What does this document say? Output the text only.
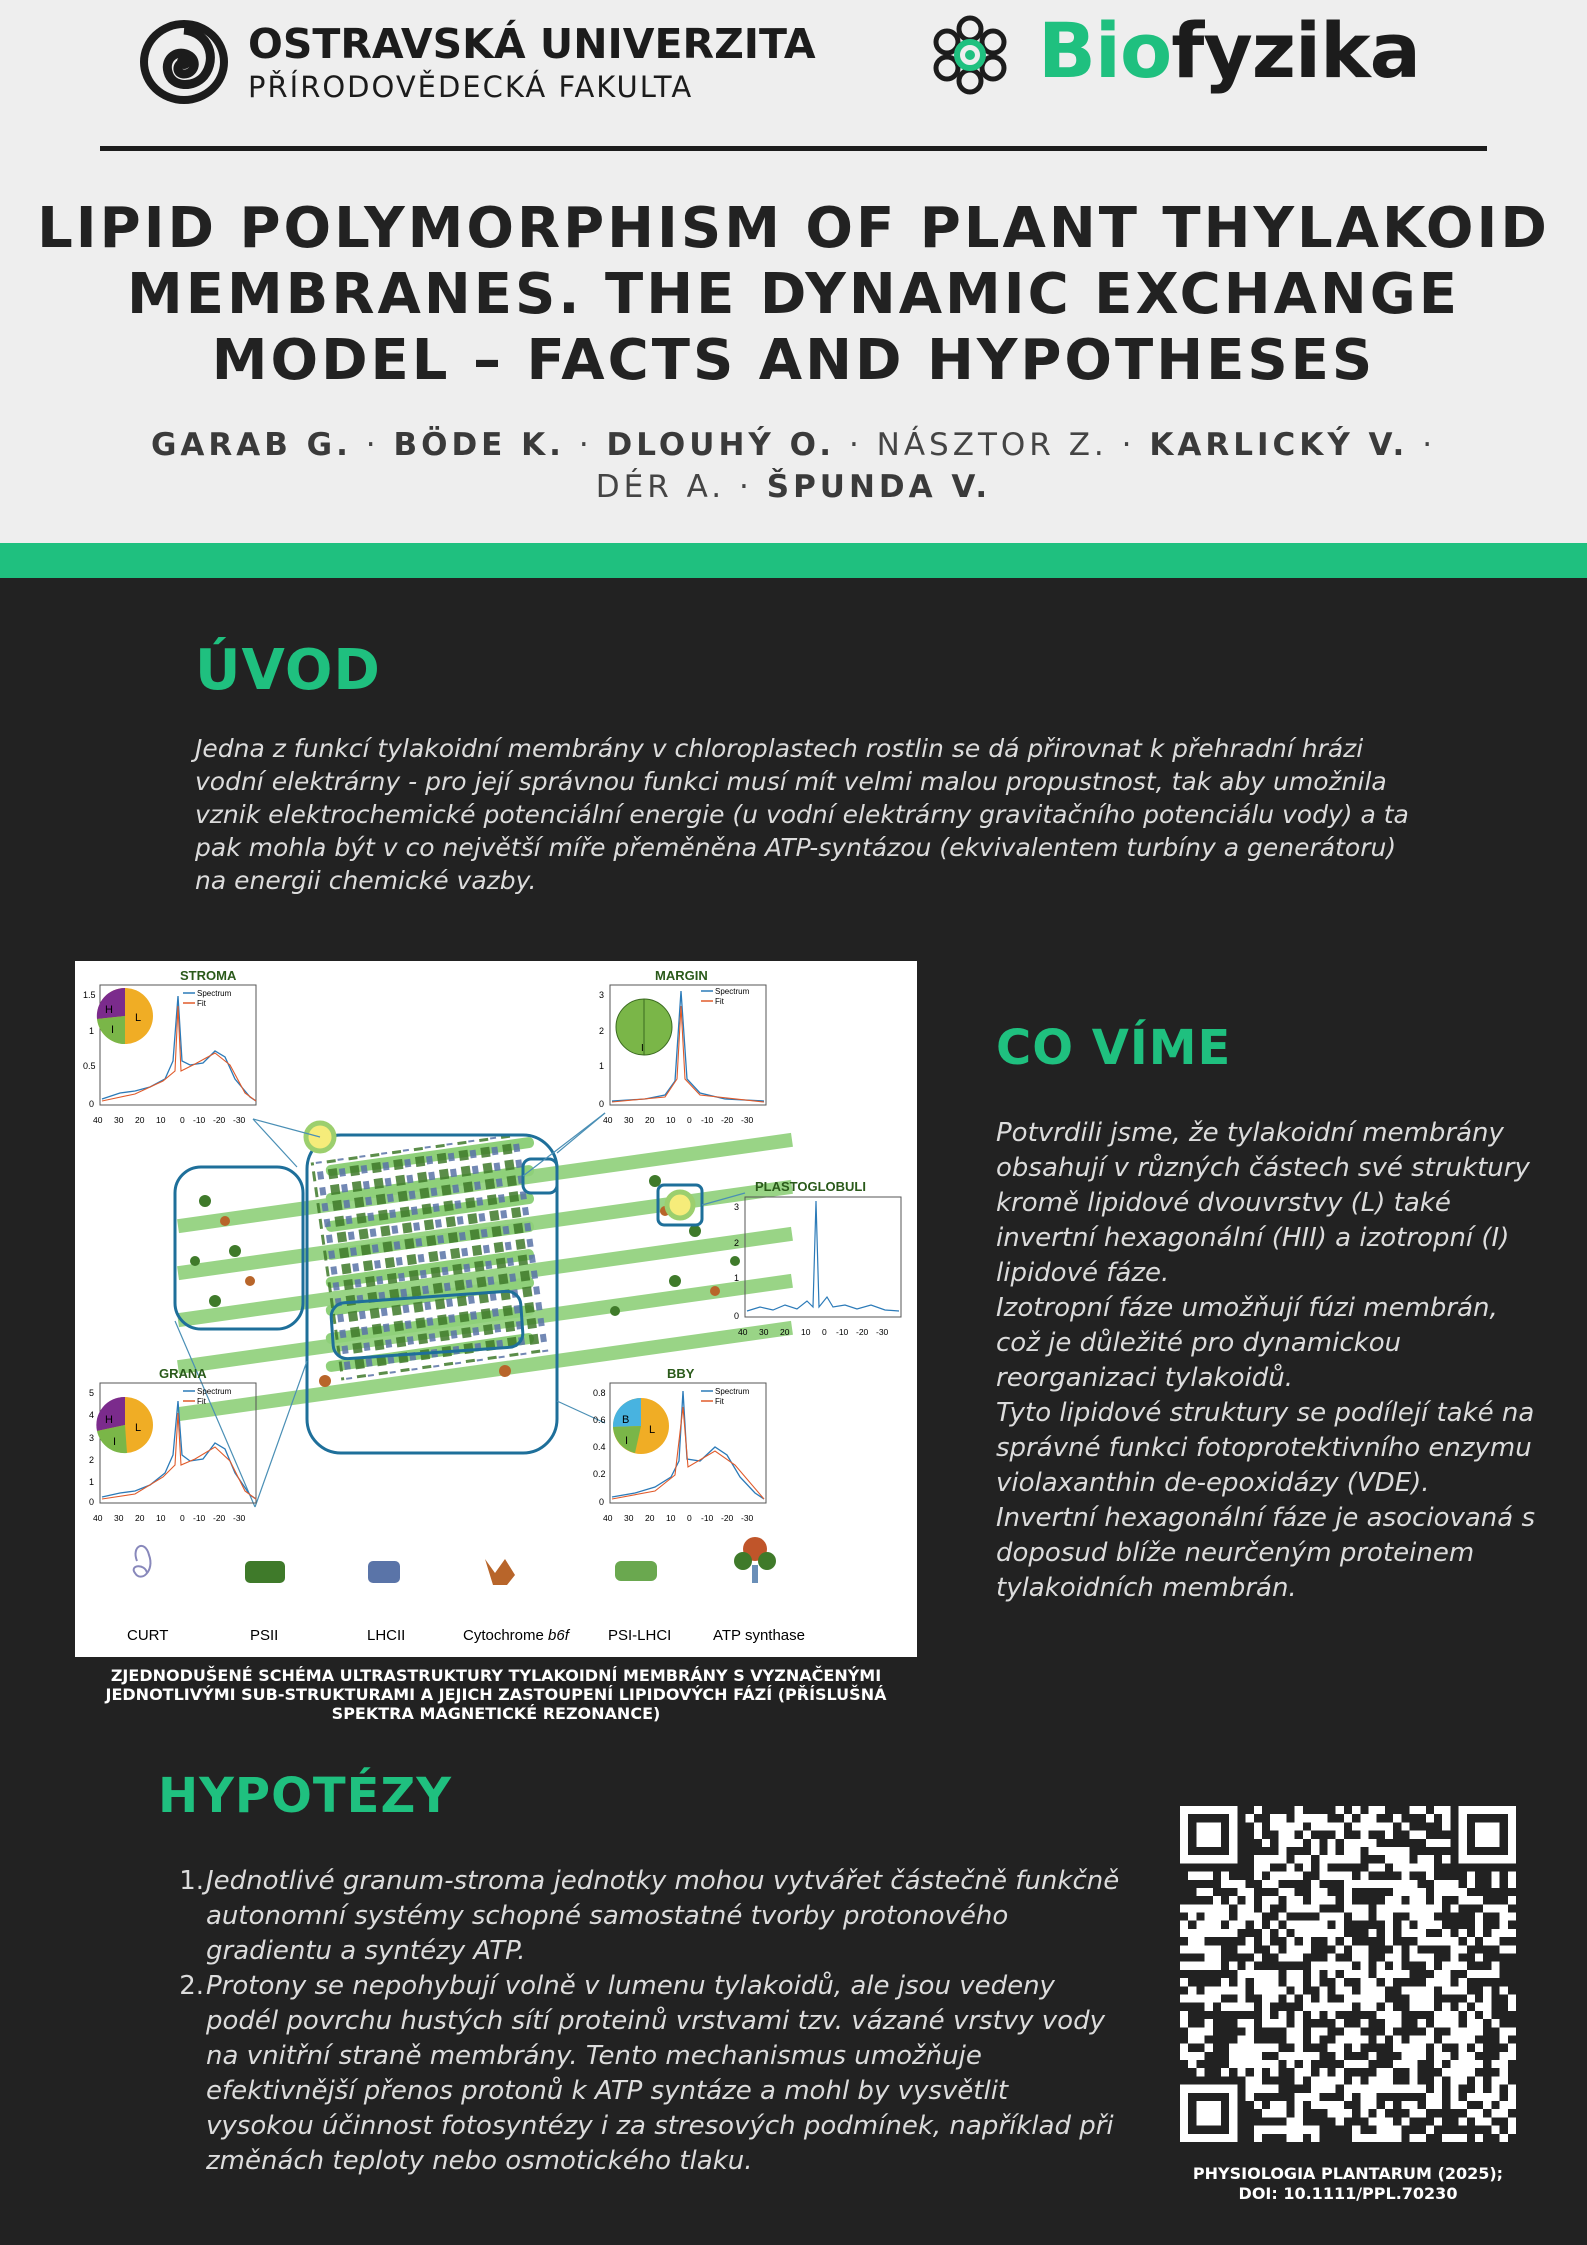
OSTRAVSKÁ UNIVERZITA
PŘÍRODOVĚDECKÁ FAKULTA	Biofyzika
LIPID POLYMORPHISM OF PLANT THYLAKOID
MEMBRANES. THE DYNAMIC EXCHANGE
MODEL – FACTS AND HYPOTHESES
GARAB G. · BÖDE K. · DLOUHÝ O. · NÁSZTOR Z. · KARLICKÝ V. ·
DÉR A. · ŠPUNDA V.
ÚVOD

Jedna z funkcí tylakoidní membrány v chloroplastech rostlin se dá přirovnat k přehradní hrázi vodní elektrárny - pro její správnou funkci musí mít velmi malou propustnost, tak aby umožnila vznik elektrochemické potenciální energie (u vodní elektrárny gravitačního potenciálu vody) a ta pak mohla být v co největší míře přeměněna ATP-syntázou (ekvivalentem turbíny a generátoru) na energii chemické vazby.

STROMA
1.5
1
0.5
0
H
L
I
Spectrum
Fit
40 30 20 10 0 -10 -20 -30
MARGIN
3
2
1
0
I
Spectrum
Fit
40 30 20 10 0 -10 -20 -30
PLASTOGLOBULI
3
2
1
0
40 30 20 10 0 -10 -20 -30
GRANA
5
4
3
2
1
0
H
L
I
Spectrum
Fit
40 30 20 10 0 -10 -20 -30
BBY
0.8
0.6
0.4
0.2
0
B
L
I
Spectrum
Fit
40 30 20 10 0 -10 -20 -30
CURT	PSII	LHCII	Cytochrome b6f	PSI-LHCI	ATP synthase

ZJEDNODUŠENÉ SCHÉMA ULTRASTRUKTURY TYLAKOIDNÍ MEMBRÁNY S VYZNAČENÝMI JEDNOTLIVÝMI SUB-STRUKTURAMI A JEJICH ZASTOUPENÍ LIPIDOVÝCH FÁZÍ (PŘÍSLUŠNÁ SPEKTRA MAGNETICKÉ REZONANCE)

CO VÍME
Potvrdili jsme, že tylakoidní membrány obsahují v různých částech své struktury kromě lipidové dvouvrstvy (L) také invertní hexagonální (HII) a izotropní (I) lipidové fáze.
Izotropní fáze umožňují fúzi membrán, což je důležité pro dynamickou reorganizaci tylakoidů.
Tyto lipidové struktury se podílejí také na správné funkci fotoprotektivního enzymu violaxanthin de-epoxidázy (VDE).
Invertní hexagonální fáze je asociovaná s doposud blíže neurčeným proteinem tylakoidních membrán.
HYPOTÉZY
1. Jednotlivé granum-stroma jednotky mohou vytvářet částečně funkčně autonomní systémy schopné samostatné tvorby protonového gradientu a syntézy ATP.
2. Protony se nepohybují volně v lumenu tylakoidů, ale jsou vedeny podél povrchu hustých sítí proteinů vrstvami tzv. vázané vrstvy vody na vnitřní straně membrány. Tento mechanismus umožňuje efektivnější přenos protonů k ATP syntáze a mohl by vysvětlit vysokou účinnost fotosyntézy i za stresových podmínek, například při změnách teploty nebo osmotického tlaku.	PHYSIOLOGIA PLANTARUM (2025);
DOI: 10.1111/PPL.70230
